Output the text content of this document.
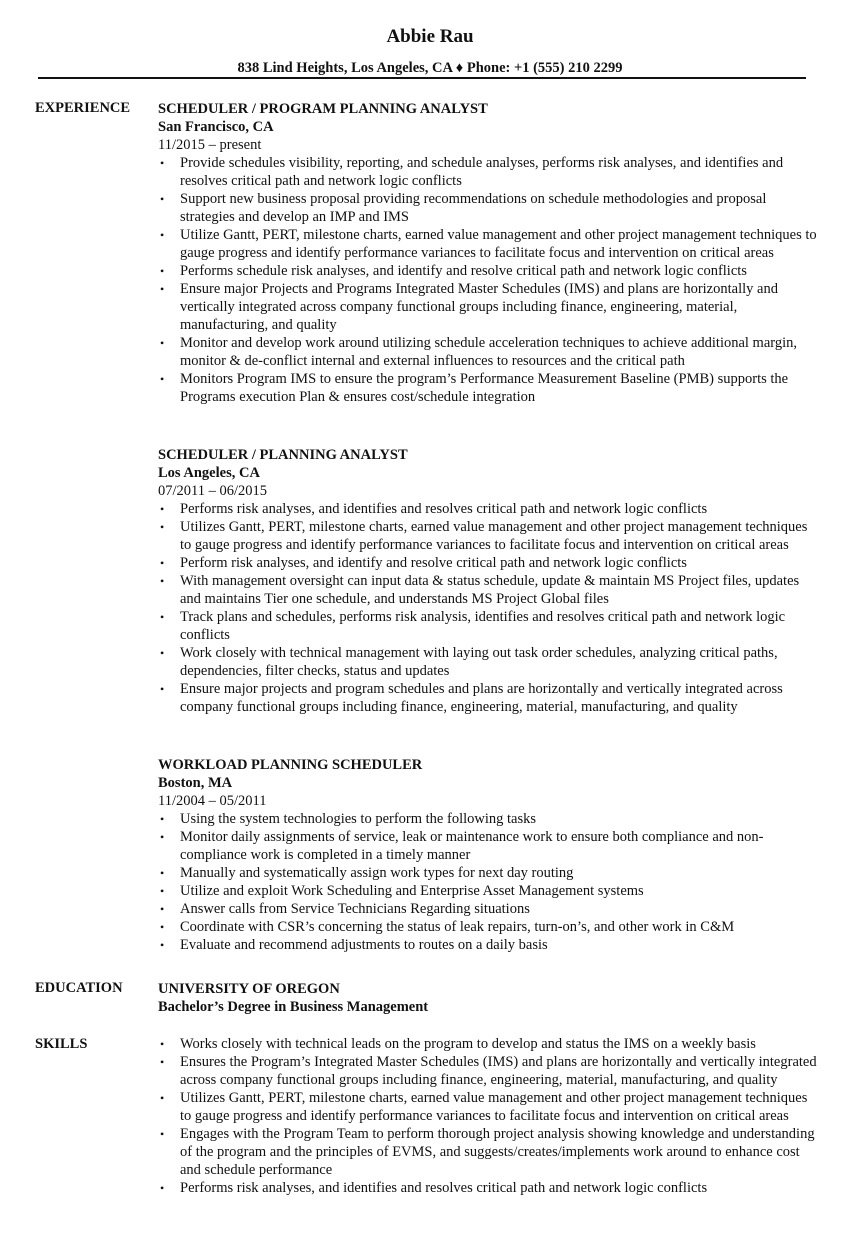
Abbie Rau
838 Lind Heights, Los Angeles, CA ♦ Phone: +1 (555) 210 2299
EXPERIENCE SCHEDULER / PROGRAM PLANNING ANALYST
San Francisco, CA
11/2015 – present
• Provide schedules visibility, reporting, and schedule analyses, performs risk analyses, and identifies and resolves critical path and network logic conflicts
• Support new business proposal providing recommendations on schedule methodologies and proposal strategies and develop an IMP and IMS
• Utilize Gantt, PERT, milestone charts, earned value management and other project management techniques to gauge progress and identify performance variances to facilitate focus and intervention on critical areas
• Performs schedule risk analyses, and identify and resolve critical path and network logic conflicts
• Ensure major Projects and Programs Integrated Master Schedules (IMS) and plans are horizontally and vertically integrated across company functional groups including finance, engineering, material, manufacturing, and quality
• Monitor and develop work around utilizing schedule acceleration techniques to achieve additional margin, monitor & de-conflict internal and external influences to resources and the critical path
• Monitors Program IMS to ensure the program’s Performance Measurement Baseline (PMB) supports the Programs execution Plan & ensures cost/schedule integration
SCHEDULER / PLANNING ANALYST
Los Angeles, CA
07/2011 – 06/2015
• Performs risk analyses, and identifies and resolves critical path and network logic conflicts
• Utilizes Gantt, PERT, milestone charts, earned value management and other project management techniques to gauge progress and identify performance variances to facilitate focus and intervention on critical areas
• Perform risk analyses, and identify and resolve critical path and network logic conflicts
• With management oversight can input data & status schedule, update & maintain MS Project files, updates and maintains Tier one schedule, and understands MS Project Global files
• Track plans and schedules, performs risk analysis, identifies and resolves critical path and network logic conflicts
• Work closely with technical management with laying out task order schedules, analyzing critical paths, dependencies, filter checks, status and updates
• Ensure major projects and program schedules and plans are horizontally and vertically integrated across company functional groups including finance, engineering, material, manufacturing, and quality
WORKLOAD PLANNING SCHEDULER
Boston, MA
11/2004 – 05/2011
• Using the system technologies to perform the following tasks
• Monitor daily assignments of service, leak or maintenance work to ensure both compliance and non-compliance work is completed in a timely manner
• Manually and systematically assign work types for next day routing
• Utilize and exploit Work Scheduling and Enterprise Asset Management systems
• Answer calls from Service Technicians Regarding situations
• Coordinate with CSR’s concerning the status of leak repairs, turn-on’s, and other work in C&M
• Evaluate and recommend adjustments to routes on a daily basis
EDUCATION UNIVERSITY OF OREGON
Bachelor’s Degree in Business Management
SKILLS	• Works closely with technical leads on the program to develop and status the IMS on a weekly basis
• Ensures the Program’s Integrated Master Schedules (IMS) and plans are horizontally and vertically integrated across company functional groups including finance, engineering, material, manufacturing, and quality
• Utilizes Gantt, PERT, milestone charts, earned value management and other project management techniques to gauge progress and identify performance variances to facilitate focus and intervention on critical areas
• Engages with the Program Team to perform thorough project analysis showing knowledge and understanding of the program and the principles of EVMS, and suggests/creates/implements work around to enhance cost and schedule performance
• Performs risk analyses, and identifies and resolves critical path and network logic conflicts
